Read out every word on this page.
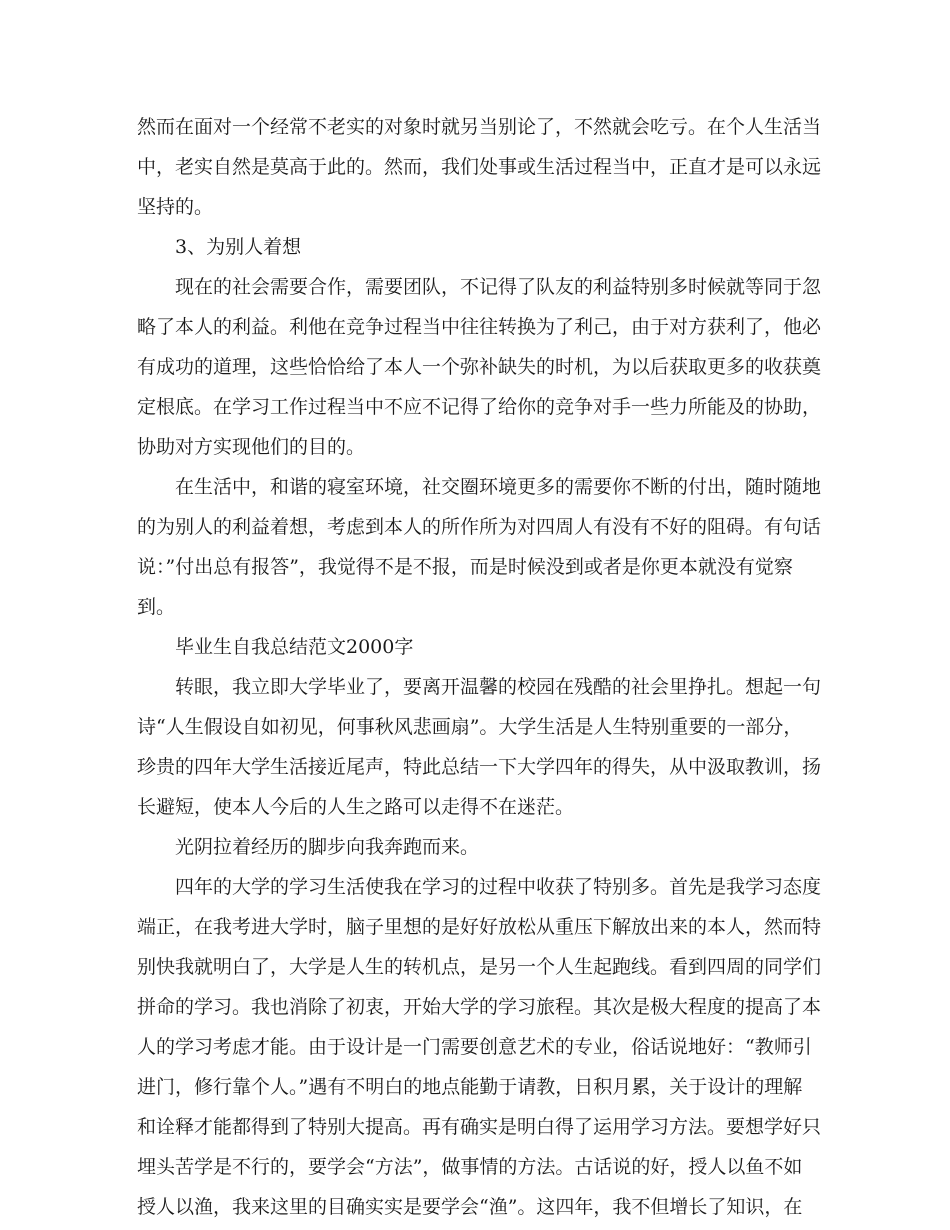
然而在面对一个经常不老实的对象时就另当别论了，不然就会吃亏。在个人生活当
中，老实自然是莫高于此的。然而，我们处事或生活过程当中，正直才是可以永远
坚持的。
3、为别人着想
现在的社会需要合作，需要团队，不记得了队友的利益特别多时候就等同于忽
略了本人的利益。利他在竞争过程当中往往转换为了利己，由于对方获利了，他必
有成功的道理，这些恰恰给了本人一个弥补缺失的时机，为以后获取更多的收获奠
定根底。在学习工作过程当中不应不记得了给你的竞争对手一些力所能及的协助，
协助对方实现他们的目的。
在生活中，和谐的寝室环境，社交圈环境更多的需要你不断的付出，随时随地
的为别人的利益着想，考虑到本人的所作所为对四周人有没有不好的阻碍。有句话
说：”付出总有报答”，我觉得不是不报，而是时候没到或者是你更本就没有觉察
到。
毕业生自我总结范文2000字
转眼，我立即大学毕业了，要离开温馨的校园在残酷的社会里挣扎。想起一句
诗“人生假设自如初见，何事秋风悲画扇”。大学生活是人生特别重要的一部分，
珍贵的四年大学生活接近尾声，特此总结一下大学四年的得失，从中汲取教训，扬
长避短，使本人今后的人生之路可以走得不在迷茫。
光阴拉着经历的脚步向我奔跑而来。
四年的大学的学习生活使我在学习的过程中收获了特别多。首先是我学习态度
端正，在我考进大学时，脑子里想的是好好放松从重压下解放出来的本人，然而特
别快我就明白了，大学是人生的转机点，是另一个人生起跑线。看到四周的同学们
拼命的学习。我也消除了初衷，开始大学的学习旅程。其次是极大程度的提高了本
人的学习考虑才能。由于设计是一门需要创意艺术的专业，俗话说地好：“教师引
进门，修行靠个人。”遇有不明白的地点能勤于请教，日积月累，关于设计的理解
和诠释才能都得到了特别大提高。再有确实是明白得了运用学习方法。要想学好只
埋头苦学是不行的，要学会“方法”，做事情的方法。古话说的好，授人以鱼不如
授人以渔，我来这里的目确实实是要学会“渔”。这四年，我不但增长了知识，在
